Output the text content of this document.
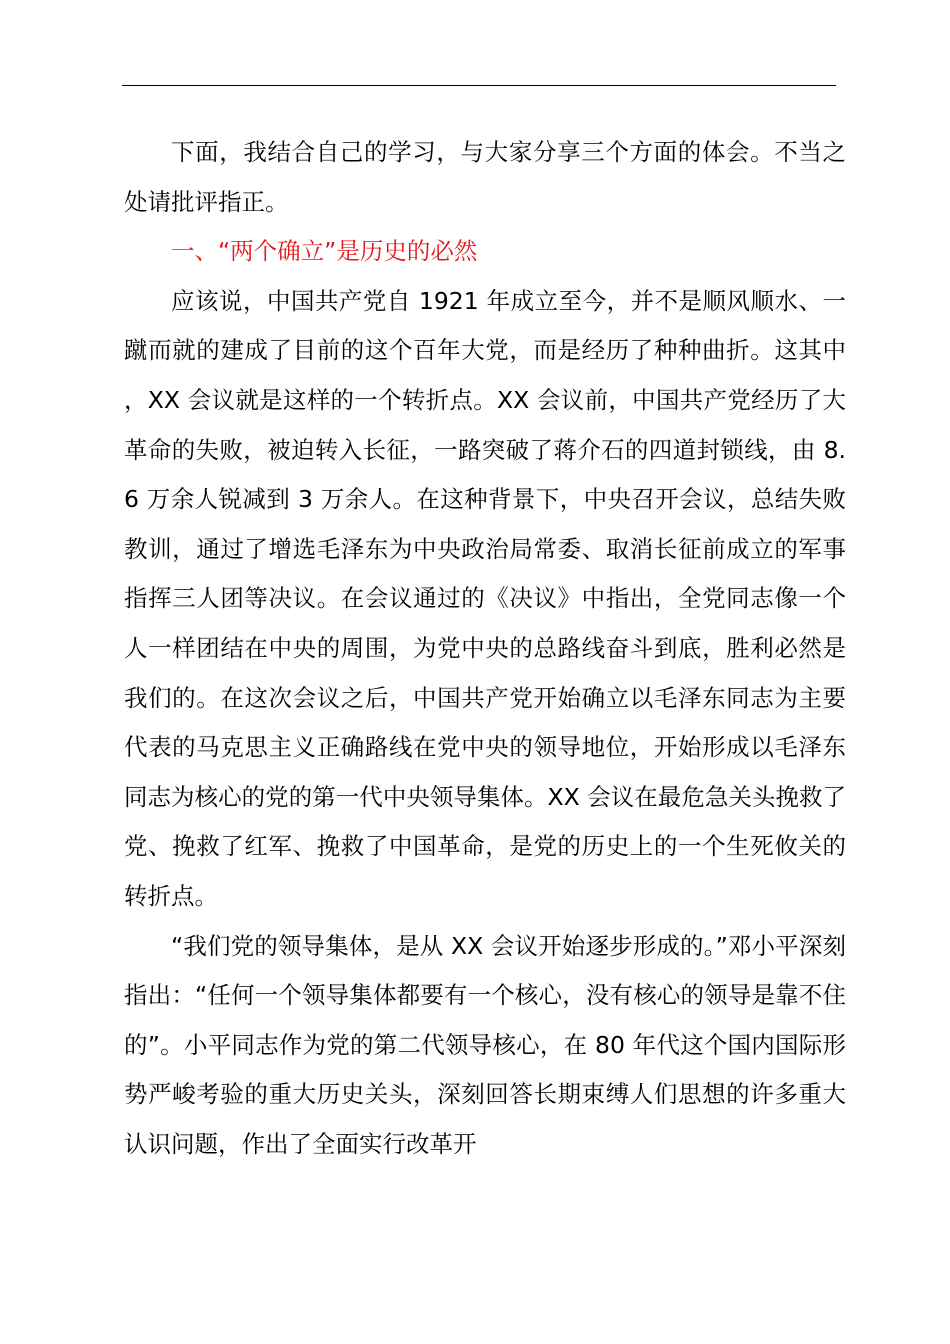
下面，我结合自己的学习，与大家分享三个方面的体会。不当之处请批评指正。

一、“两个确立”是历史的必然

应该说，中国共产党自 1921 年成立至今，并不是顺风顺水、一蹴而就的建成了目前的这个百年大党，而是经历了种种曲折。这其中，XX 会议就是这样的一个转折点。XX 会议前，中国共产党经历了大革命的失败，被迫转入长征，一路突破了蒋介石的四道封锁线，由 8.6 万余人锐减到 3 万余人。在这种背景下，中央召开会议，总结失败教训，通过了增选毛泽东为中央政治局常委、取消长征前成立的军事指挥三人团等决议。在会议通过的《决议》中指出，全党同志像一个人一样团结在中央的周围，为党中央的总路线奋斗到底，胜利必然是我们的。在这次会议之后，中国共产党开始确立以毛泽东同志为主要代表的马克思主义正确路线在党中央的领导地位，开始形成以毛泽东同志为核心的党的第一代中央领导集体。XX 会议在最危急关头挽救了党、挽救了红军、挽救了中国革命，是党的历史上的一个生死攸关的转折点。

“我们党的领导集体，是从 XX 会议开始逐步形成的。”邓小平深刻指出：“任何一个领导集体都要有一个核心，没有核心的领导是靠不住的”。小平同志作为党的第二代领导核心，在 80 年代这个国内国际形势严峻考验的重大历史关头，深刻回答长期束缚人们思想的许多重大认识问题，作出了全面实行改革开
